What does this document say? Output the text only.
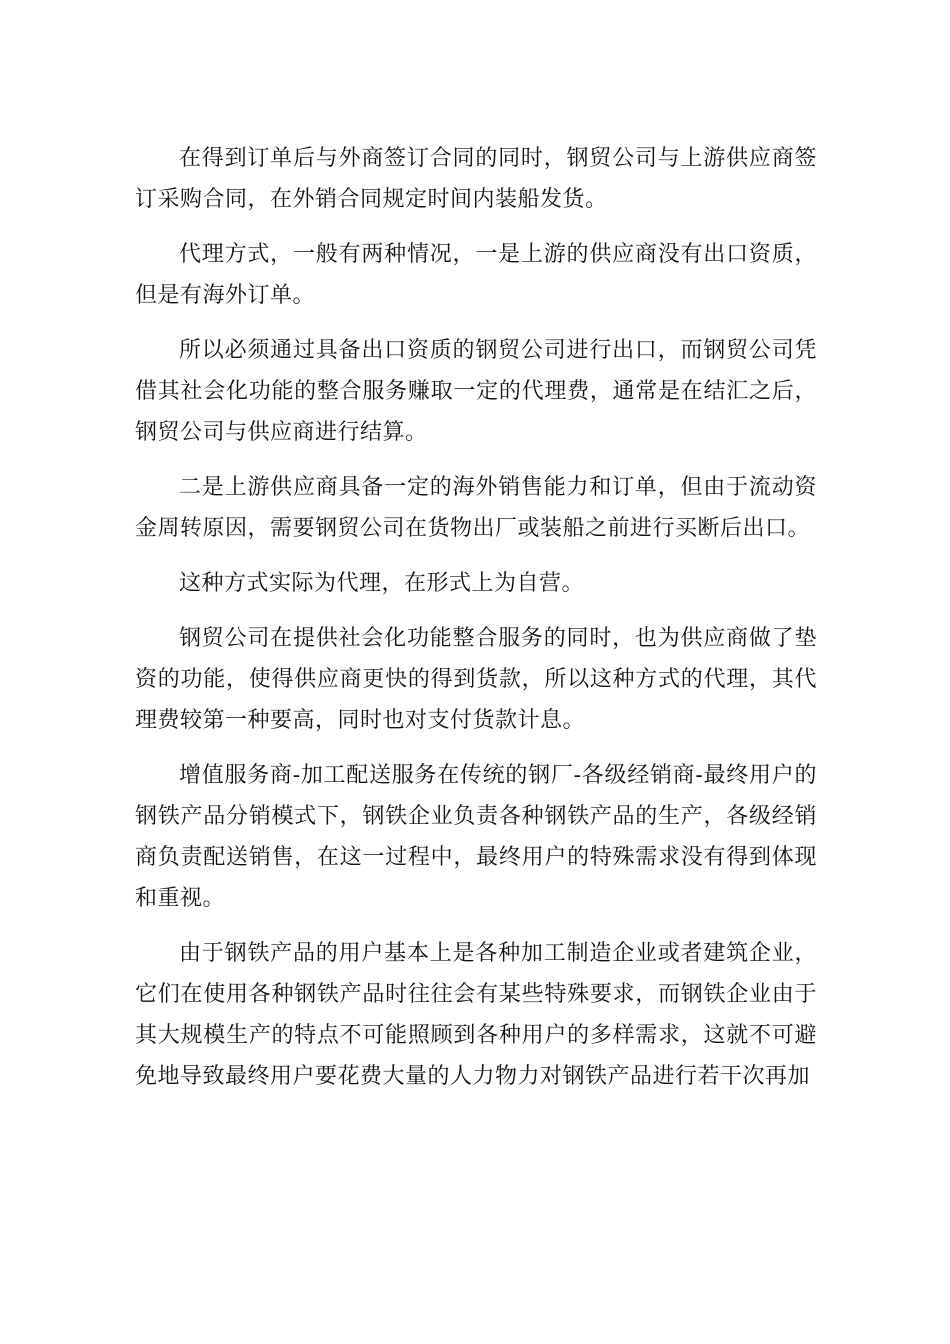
在得到订单后与外商签订合同的同时，钢贸公司与上游供应商签订采购合同，在外销合同规定时间内装船发货。

代理方式，一般有两种情况，一是上游的供应商没有出口资质，但是有海外订单。

所以必须通过具备出口资质的钢贸公司进行出口，而钢贸公司凭借其社会化功能的整合服务赚取一定的代理费，通常是在结汇之后，钢贸公司与供应商进行结算。

二是上游供应商具备一定的海外销售能力和订单，但由于流动资金周转原因，需要钢贸公司在货物出厂或装船之前进行买断后出口。

这种方式实际为代理，在形式上为自营。

钢贸公司在提供社会化功能整合服务的同时，也为供应商做了垫资的功能，使得供应商更快的得到货款，所以这种方式的代理，其代理费较第一种要高，同时也对支付货款计息。

增值服务商-加工配送服务在传统的钢厂-各级经销商-最终用户的钢铁产品分销模式下，钢铁企业负责各种钢铁产品的生产，各级经销商负责配送销售，在这一过程中，最终用户的特殊需求没有得到体现和重视。

由于钢铁产品的用户基本上是各种加工制造企业或者建筑企业，它们在使用各种钢铁产品时往往会有某些特殊要求，而钢铁企业由于其大规模生产的特点不可能照顾到各种用户的多样需求，这就不可避免地导致最终用户要花费大量的人力物力对钢铁产品进行若干次再加
